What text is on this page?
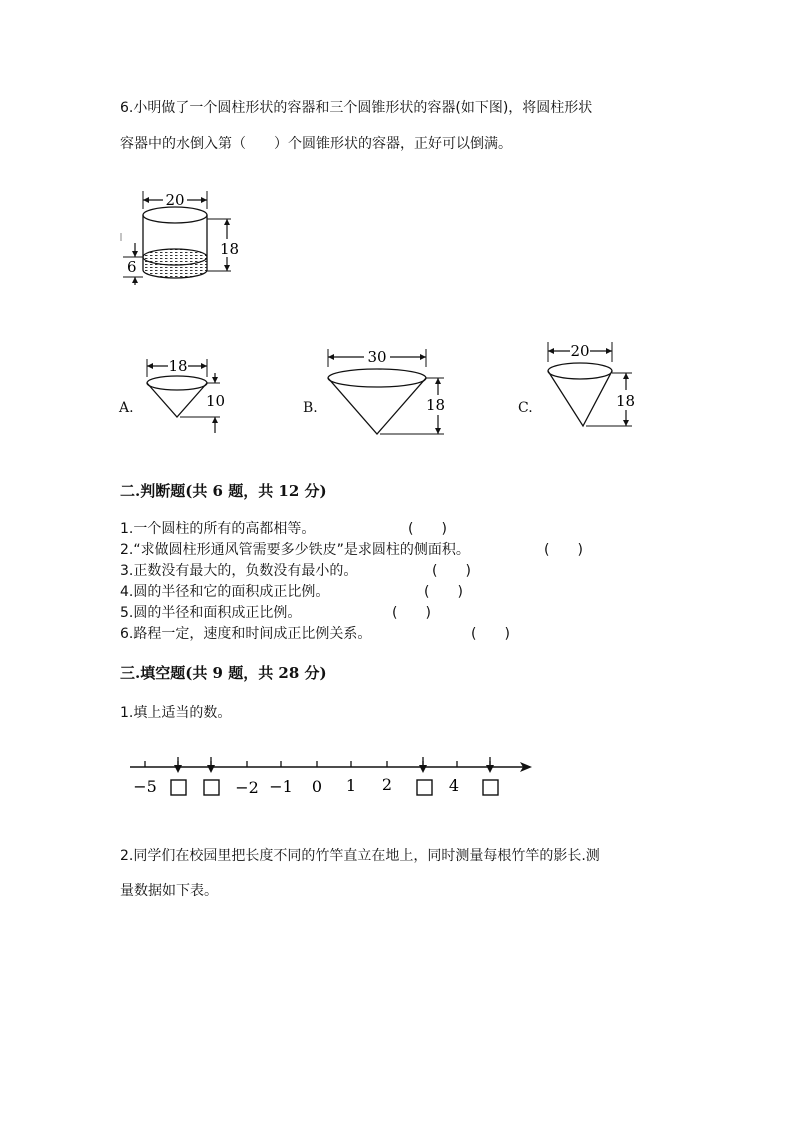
6.小明做了一个圆柱形状的容器和三个圆锥形状的容器(如下图)，将圆柱形状
容器中的水倒入第（　　）个圆锥形状的容器，正好可以倒满。
20
18
6
A.
18
10	B.
30
18	C.
20
18
二.判断题(共 6 题，共 12 分)
1.一个圆柱的所有的高都相等。	(　　)
2.“求做圆柱形通风管需要多少铁皮”是求圆柱的侧面积。	(　　)
3.正数没有最大的，负数没有最小的。	(　　)
4.圆的半径和它的面积成正比例。	(　　)
5.圆的半径和面积成正比例。	(　　)
6.路程一定，速度和时间成正比例关系。	(　　)
三.填空题(共 9 题，共 28 分)
1.填上适当的数。
−5	−2 −1 0 1 2	4
2.同学们在校园里把长度不同的竹竿直立在地上，同时测量每根竹竿的影长.测
量数据如下表。
